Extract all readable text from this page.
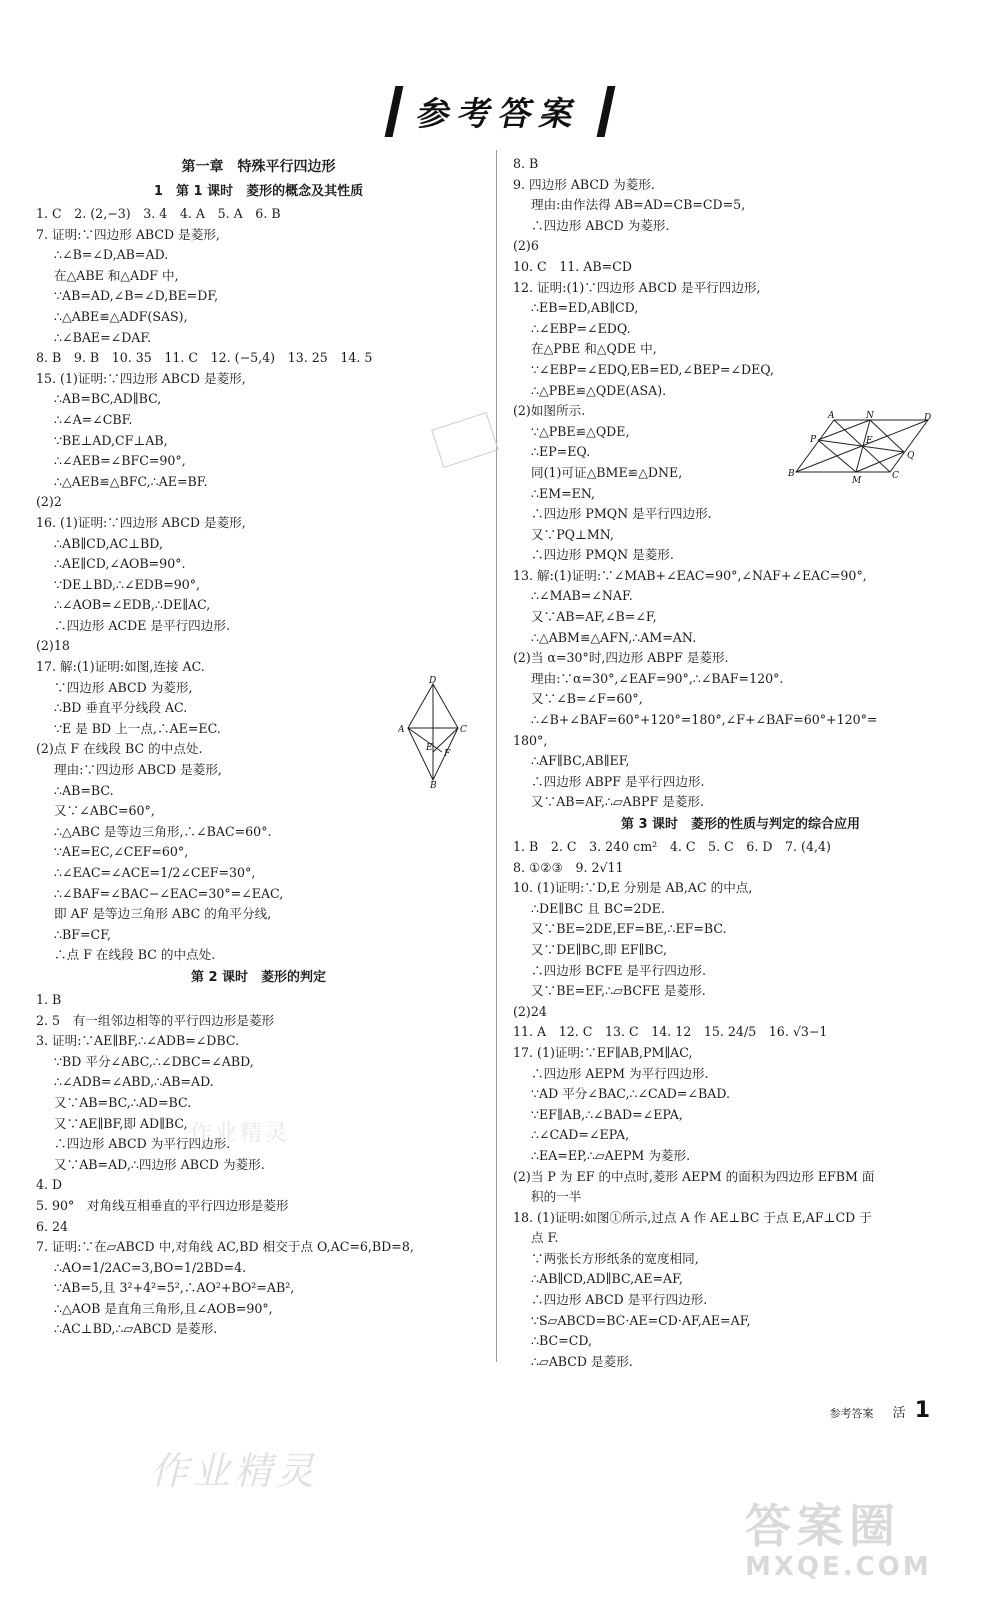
参考答案
第一章　特殊平行四边形
1　第 1 课时　菱形的概念及其性质
1. C　2. (2,−3)　3. 4　4. A　5. A　6. B
7. 证明:∵四边形 ABCD 是菱形,
∴∠B=∠D,AB=AD.
在△ABE 和△ADF 中,
∵AB=AD,∠B=∠D,BE=DF,
∴△ABE≌△ADF(SAS),
∴∠BAE=∠DAF.
8. B　9. B　10. 35　11. C　12. (−5,4)　13. 25　14. 5
15. (1)证明:∵四边形 ABCD 是菱形,
∴AB=BC,AD∥BC,
∴∠A=∠CBF.
∵BE⊥AD,CF⊥AB,
∴∠AEB=∠BFC=90°,
∴△AEB≌△BFC,∴AE=BF.
(2)2
16. (1)证明:∵四边形 ABCD 是菱形,
∴AB∥CD,AC⊥BD,
∴AE∥CD,∠AOB=90°.
∵DE⊥BD,∴∠EDB=90°,
∴∠AOB=∠EDB,∴DE∥AC,
∴四边形 ACDE 是平行四边形.
(2)18
17. 解:(1)证明:如图,连接 AC.
∵四边形 ABCD 为菱形,
∴BD 垂直平分线段 AC.
∵E 是 BD 上一点,∴AE=EC.
(2)点 F 在线段 BC 的中点处.
理由:∵四边形 ABCD 是菱形,
∴AB=BC.
又∵∠ABC=60°,
∴△ABC 是等边三角形,∴∠BAC=60°.
∵AE=EC,∠CEF=60°,
∴∠EAC=∠ACE=1/2∠CEF=30°,
∴∠BAF=∠BAC−∠EAC=30°=∠EAC,
即 AF 是等边三角形 ABC 的角平分线,
∴BF=CF,
∴点 F 在线段 BC 的中点处.
第 2 课时　菱形的判定
1. B
2. 5　有一组邻边相等的平行四边形是菱形
3. 证明:∵AE∥BF,∴∠ADB=∠DBC.
∵BD 平分∠ABC,∴∠DBC=∠ABD,
∴∠ADB=∠ABD,∴AB=AD.
又∵AB=BC,∴AD=BC.
又∵AE∥BF,即 AD∥BC,
∴四边形 ABCD 为平行四边形.
又∵AB=AD,∴四边形 ABCD 为菱形.
4. D
5. 90°　对角线互相垂直的平行四边形是菱形
6. 24
7. 证明:∵在▱ABCD 中,对角线 AC,BD 相交于点 O,AC=6,BD=8,
∴AO=1/2AC=3,BO=1/2BD=4.
∵AB=5,且 3²+4²=5²,∴AO²+BO²=AB²,
∴△AOB 是直角三角形,且∠AOB=90°,
∴AC⊥BD,∴▱ABCD 是菱形.
8. B
9. 四边形 ABCD 为菱形.
理由:由作法得 AB=AD=CB=CD=5,
∴四边形 ABCD 为菱形.
(2)6
10. C　11. AB=CD
12. 证明:(1)∵四边形 ABCD 是平行四边形,
∴EB=ED,AB∥CD,
∴∠EBP=∠EDQ.
在△PBE 和△QDE 中,
∵∠EBP=∠EDQ,EB=ED,∠BEP=∠DEQ,
∴△PBE≌△QDE(ASA).
(2)如图所示.
∵△PBE≌△QDE,
∴EP=EQ.
同(1)可证△BME≌△DNE,
∴EM=EN,
∴四边形 PMQN 是平行四边形.
又∵PQ⊥MN,
∴四边形 PMQN 是菱形.
13. 解:(1)证明:∵∠MAB+∠EAC=90°,∠NAF+∠EAC=90°,
∴∠MAB=∠NAF.
又∵AB=AF,∠B=∠F,
∴△ABM≌△AFN,∴AM=AN.
(2)当 α=30°时,四边形 ABPF 是菱形.
理由:∵α=30°,∠EAF=90°,∴∠BAF=120°.
又∵∠B=∠F=60°,
∴∠B+∠BAF=60°+120°=180°,∠F+∠BAF=60°+120°=
180°,
∴AF∥BC,AB∥EF,
∴四边形 ABPF 是平行四边形.
又∵AB=AF,∴▱ABPF 是菱形.
第 3 课时　菱形的性质与判定的综合应用
1. B　2. C　3. 240 cm²　4. C　5. C　6. D　7. (4,4)
8. ①②③　9. 2√11
10. (1)证明:∵D,E 分别是 AB,AC 的中点,
∴DE∥BC 且 BC=2DE.
又∵BE=2DE,EF=BE,∴EF=BC.
又∵DE∥BC,即 EF∥BC,
∴四边形 BCFE 是平行四边形.
又∵BE=EF,∴▱BCFE 是菱形.
(2)24
11. A　12. C　13. C　14. 12　15. 24/5　16. √3−1
17. (1)证明:∵EF∥AB,PM∥AC,
∴四边形 AEPM 为平行四边形.
∵AD 平分∠BAC,∴∠CAD=∠BAD.
∵EF∥AB,∴∠BAD=∠EPA,
∴∠CAD=∠EPA,
∴EA=EP,∴▱AEPM 为菱形.
(2)当 P 为 EF 的中点时,菱形 AEPM 的面积为四边形 EFBM 面
积的一半
18. (1)证明:如图①所示,过点 A 作 AE⊥BC 于点 E,AF⊥CD 于
点 F.
∵两张长方形纸条的宽度相同,
∴AB∥CD,AD∥BC,AE=AF,
∴四边形 ABCD 是平行四边形.
∵S▱ABCD=BC·AE=CD·AF,AE=AF,
∴BC=CD,
∴▱ABCD 是菱形.
D
A	C
E
F
B
A	N	D
P	E
Q
B
M	C
作业精灵
作业精灵
答案圈
MXQE.COM
参考答案 活 1
